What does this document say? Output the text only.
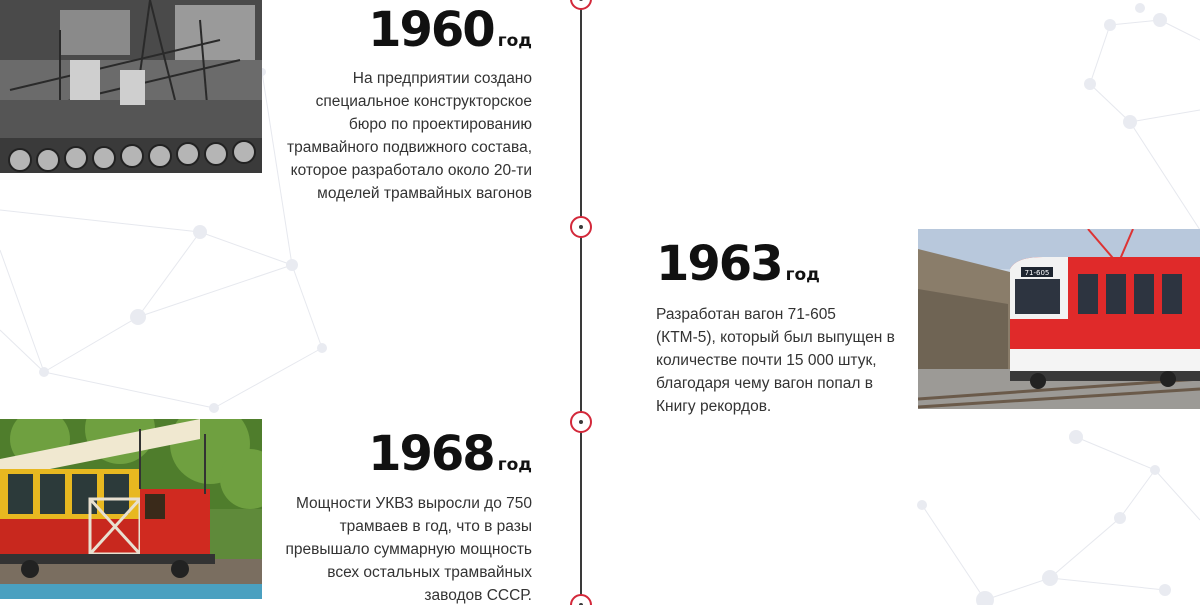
1960 год
На предприятии создано специальное конструкторское бюро по проектированию трамвайного подвижного состава, которое разработало около 20-ти моделей трамвайных вагонов
1963 год
Разработан вагон 71-605 (КТМ-5), который был выпущен в количестве почти 15 000 штук, благодаря чему вагон попал в Книгу рекордов.
71-605
1968 год
Мощности УКВЗ выросли до 750 трамваев в год, что в разы превышало суммарную мощность всех остальных трамвайных заводов СССР.
